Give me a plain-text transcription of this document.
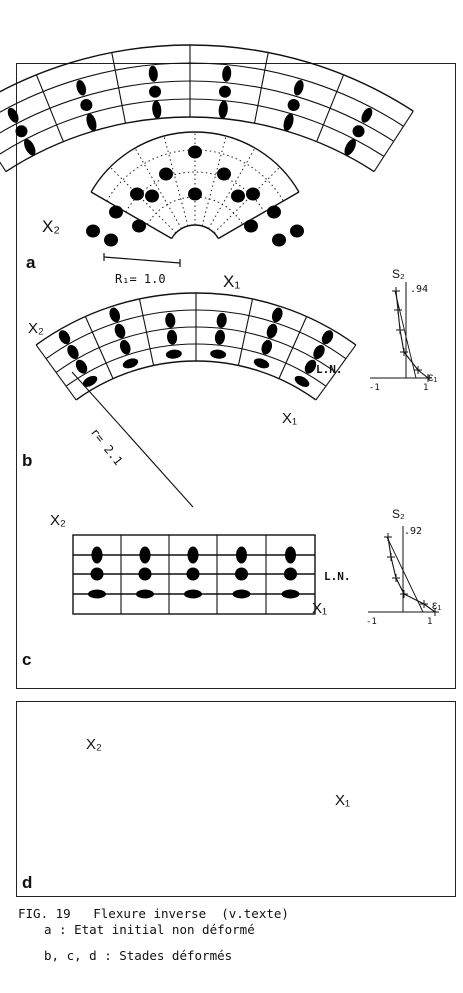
a
X₂
R₁= 1.0
b
X₂
X₁
X₁
L.N.
r= 2.1
c
X₂
X₁
L.N.
d
X₂
X₁
S₂
.94
ε₁
-1	1
S₂
.92
ε₁
-1	1
FIG. 19   Flexure inverse  (v.texte)
a : Etat initial non déformé
b, c, d : Stades déformés
